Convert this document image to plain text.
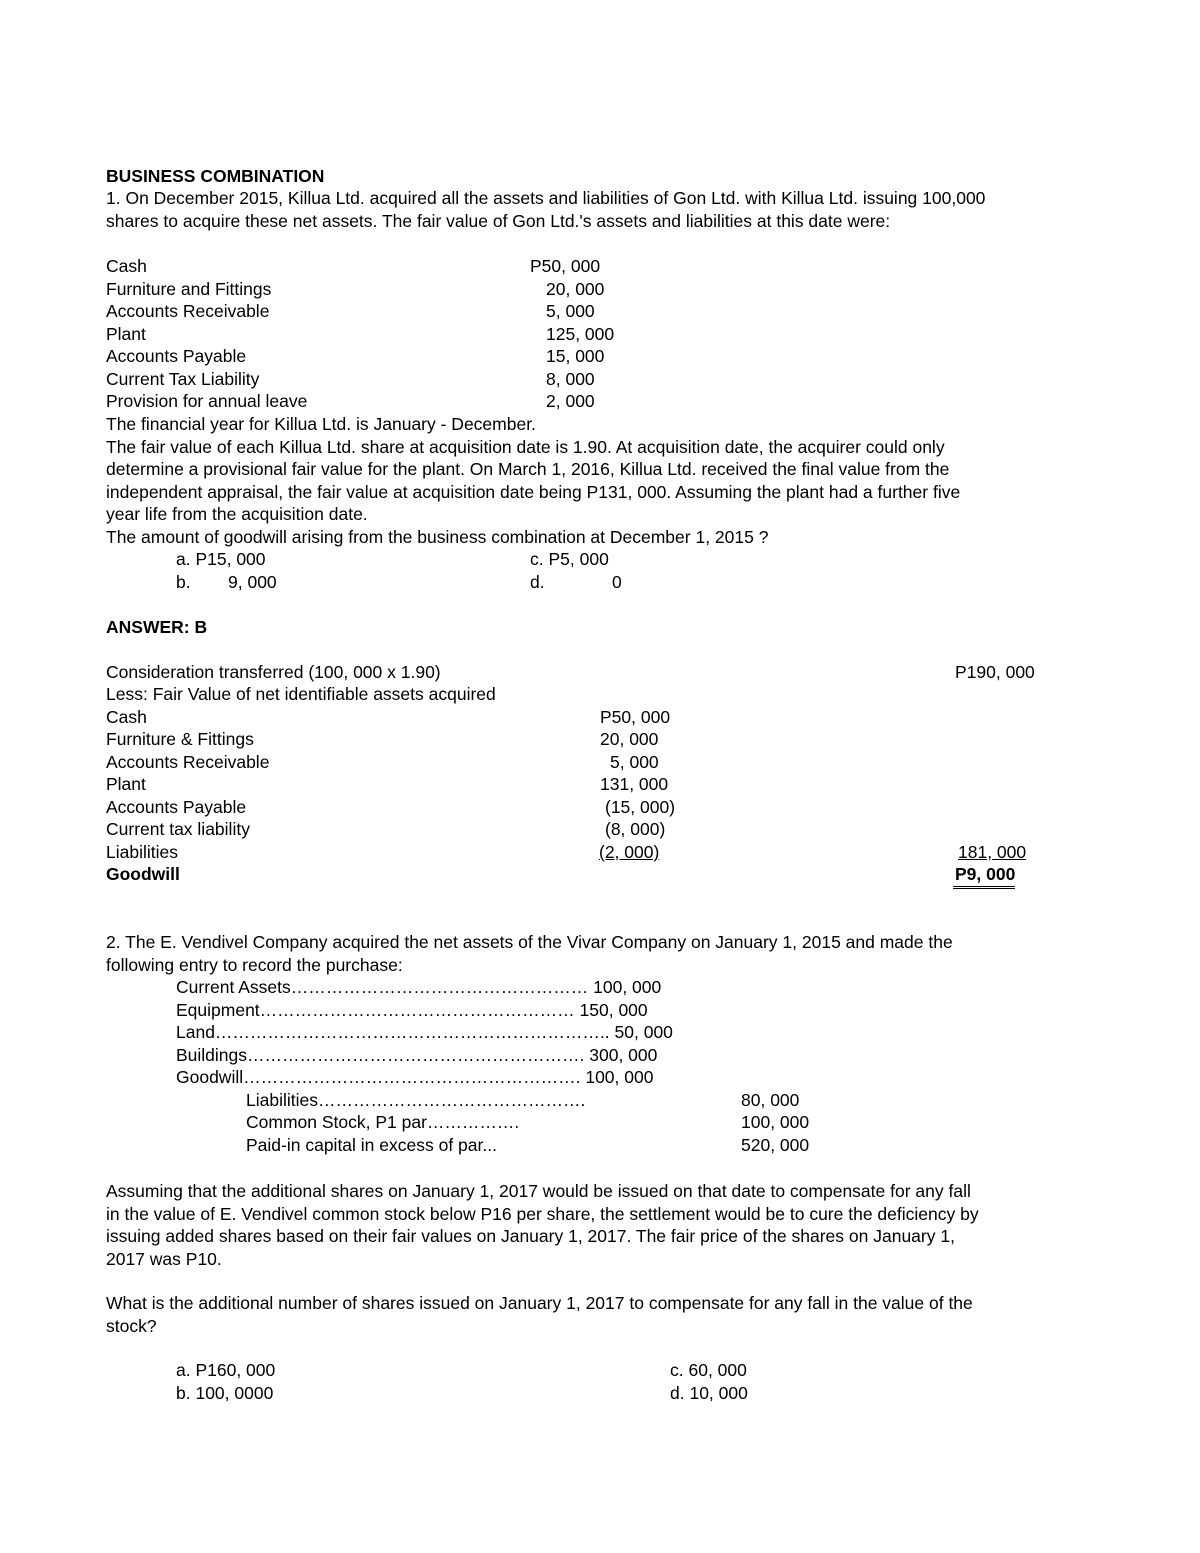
BUSINESS COMBINATION
1. On December 2015, Killua Ltd. acquired all the assets and liabilities of Gon Ltd. with Killua Ltd. issuing 100,000
shares to acquire these net assets. The fair value of Gon Ltd.'s assets and liabilities at this date were:
Cash	P50, 000
Furniture and Fittings	20, 000
Accounts Receivable	5, 000
Plant	125, 000
Accounts Payable	15, 000
Current Tax Liability	8, 000
Provision for annual leave	2, 000
The financial year for Killua Ltd. is January - December.
The fair value of each Killua Ltd. share at acquisition date is 1.90. At acquisition date, the acquirer could only
determine a provisional fair value for the plant. On March 1, 2016, Killua Ltd. received the final value from the
independent appraisal, the fair value at acquisition date being P131, 000. Assuming the plant had a further five
year life from the acquisition date.
The amount of goodwill arising from the business combination at December 1, 2015 ?
a. P15, 000	c. P5, 000
b. 9, 000	d.	0
ANSWER: B
Consideration transferred (100, 000 x 1.90)	P190, 000
Less: Fair Value of net identifiable assets acquired
Cash	P50, 000
Furniture & Fittings	20, 000
Accounts Receivable	5, 000
Plant	131, 000
Accounts Payable	(15, 000)
Current tax liability	(8, 000)
Liabilities	(2, 000)	181, 000
Goodwill	P9, 000
2. The E. Vendivel Company acquired the net assets of the Vivar Company on January 1, 2015 and made the
following entry to record the purchase:
Current Assets…………………………………………… 100, 000
Equipment……………………………………………… 150, 000
Land………………………………………………………….. 50, 000
Buildings…………………………………………………. 300, 000
Goodwill…………………………………………………. 100, 000
Liabilities……………………………………….	80, 000
Common Stock, P1 par…………….	100, 000
Paid-in capital in excess of par...	520, 000
Assuming that the additional shares on January 1, 2017 would be issued on that date to compensate for any fall
in the value of E. Vendivel common stock below P16 per share, the settlement would be to cure the deficiency by
issuing added shares based on their fair values on January 1, 2017. The fair price of the shares on January 1,
2017 was P10.
What is the additional number of shares issued on January 1, 2017 to compensate for any fall in the value of the
stock?
a. P160, 000	c. 60, 000
b. 100, 0000	d. 10, 000
